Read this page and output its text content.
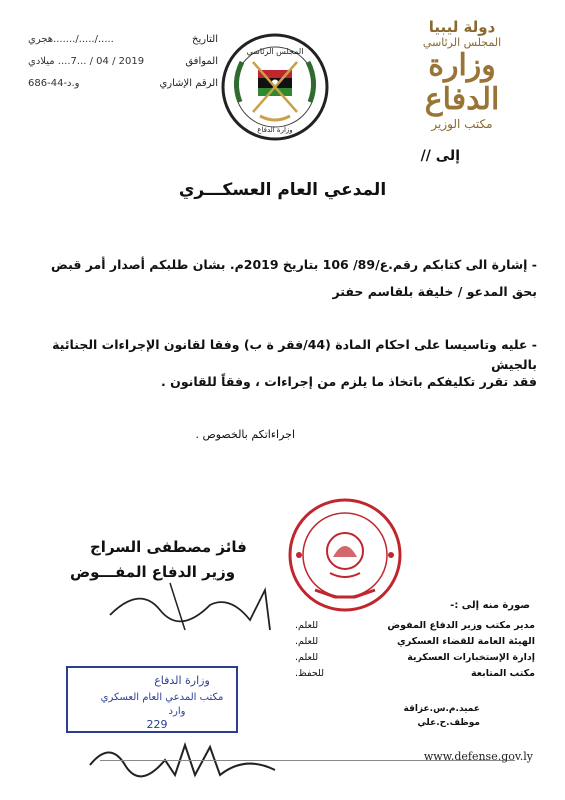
دولة ليبيا
المجلس الرئاسي
وزارة الدفاع
مكتب الوزير
المجلس الرئاسي
وزارة الدفاع
التاريخ
...../...../.......هجري
الموافق
2019 / 04 / ...7.... ميلادي
الرقم الإشاري
و.د-44-686
إلى //
المدعي العام العسكـــري
- إشارة الى كتابكم رقم.ع/89/ 106 بتاريخ 2019م. بشان طلبكم أصدار أمر قبض
بحق المدعو / خليفة بلقاسم حفتر
- عليه وتاسيسا على احكام المادة (44/فقر ة ب) وفقا لقانون الإجراءات الجنائية بالجيش
فقد تقرر تكليفكم باتخاذ ما يلزم من إجراءات ، وفقاً للقانون .
اجراءاتكم بالخصوص .
فائز مصطفى السراج
وزير الدفاع المفـــوض
صورة منه إلى :-
مدير مكتب وزير الدفاع المفوض
للعلم.
الهيئة العامة للقضاء العسكري
للعلم.
إدارة الإستخبارات العسكرية
للعلم.
مكتب المتابعة
للحفظ.
عميد.م.س.عزاقة
موظف.ح.علي
وزارة الدفاع
مكتب المدعي العام العسكري
وارد
229
www.defense.gov.ly
